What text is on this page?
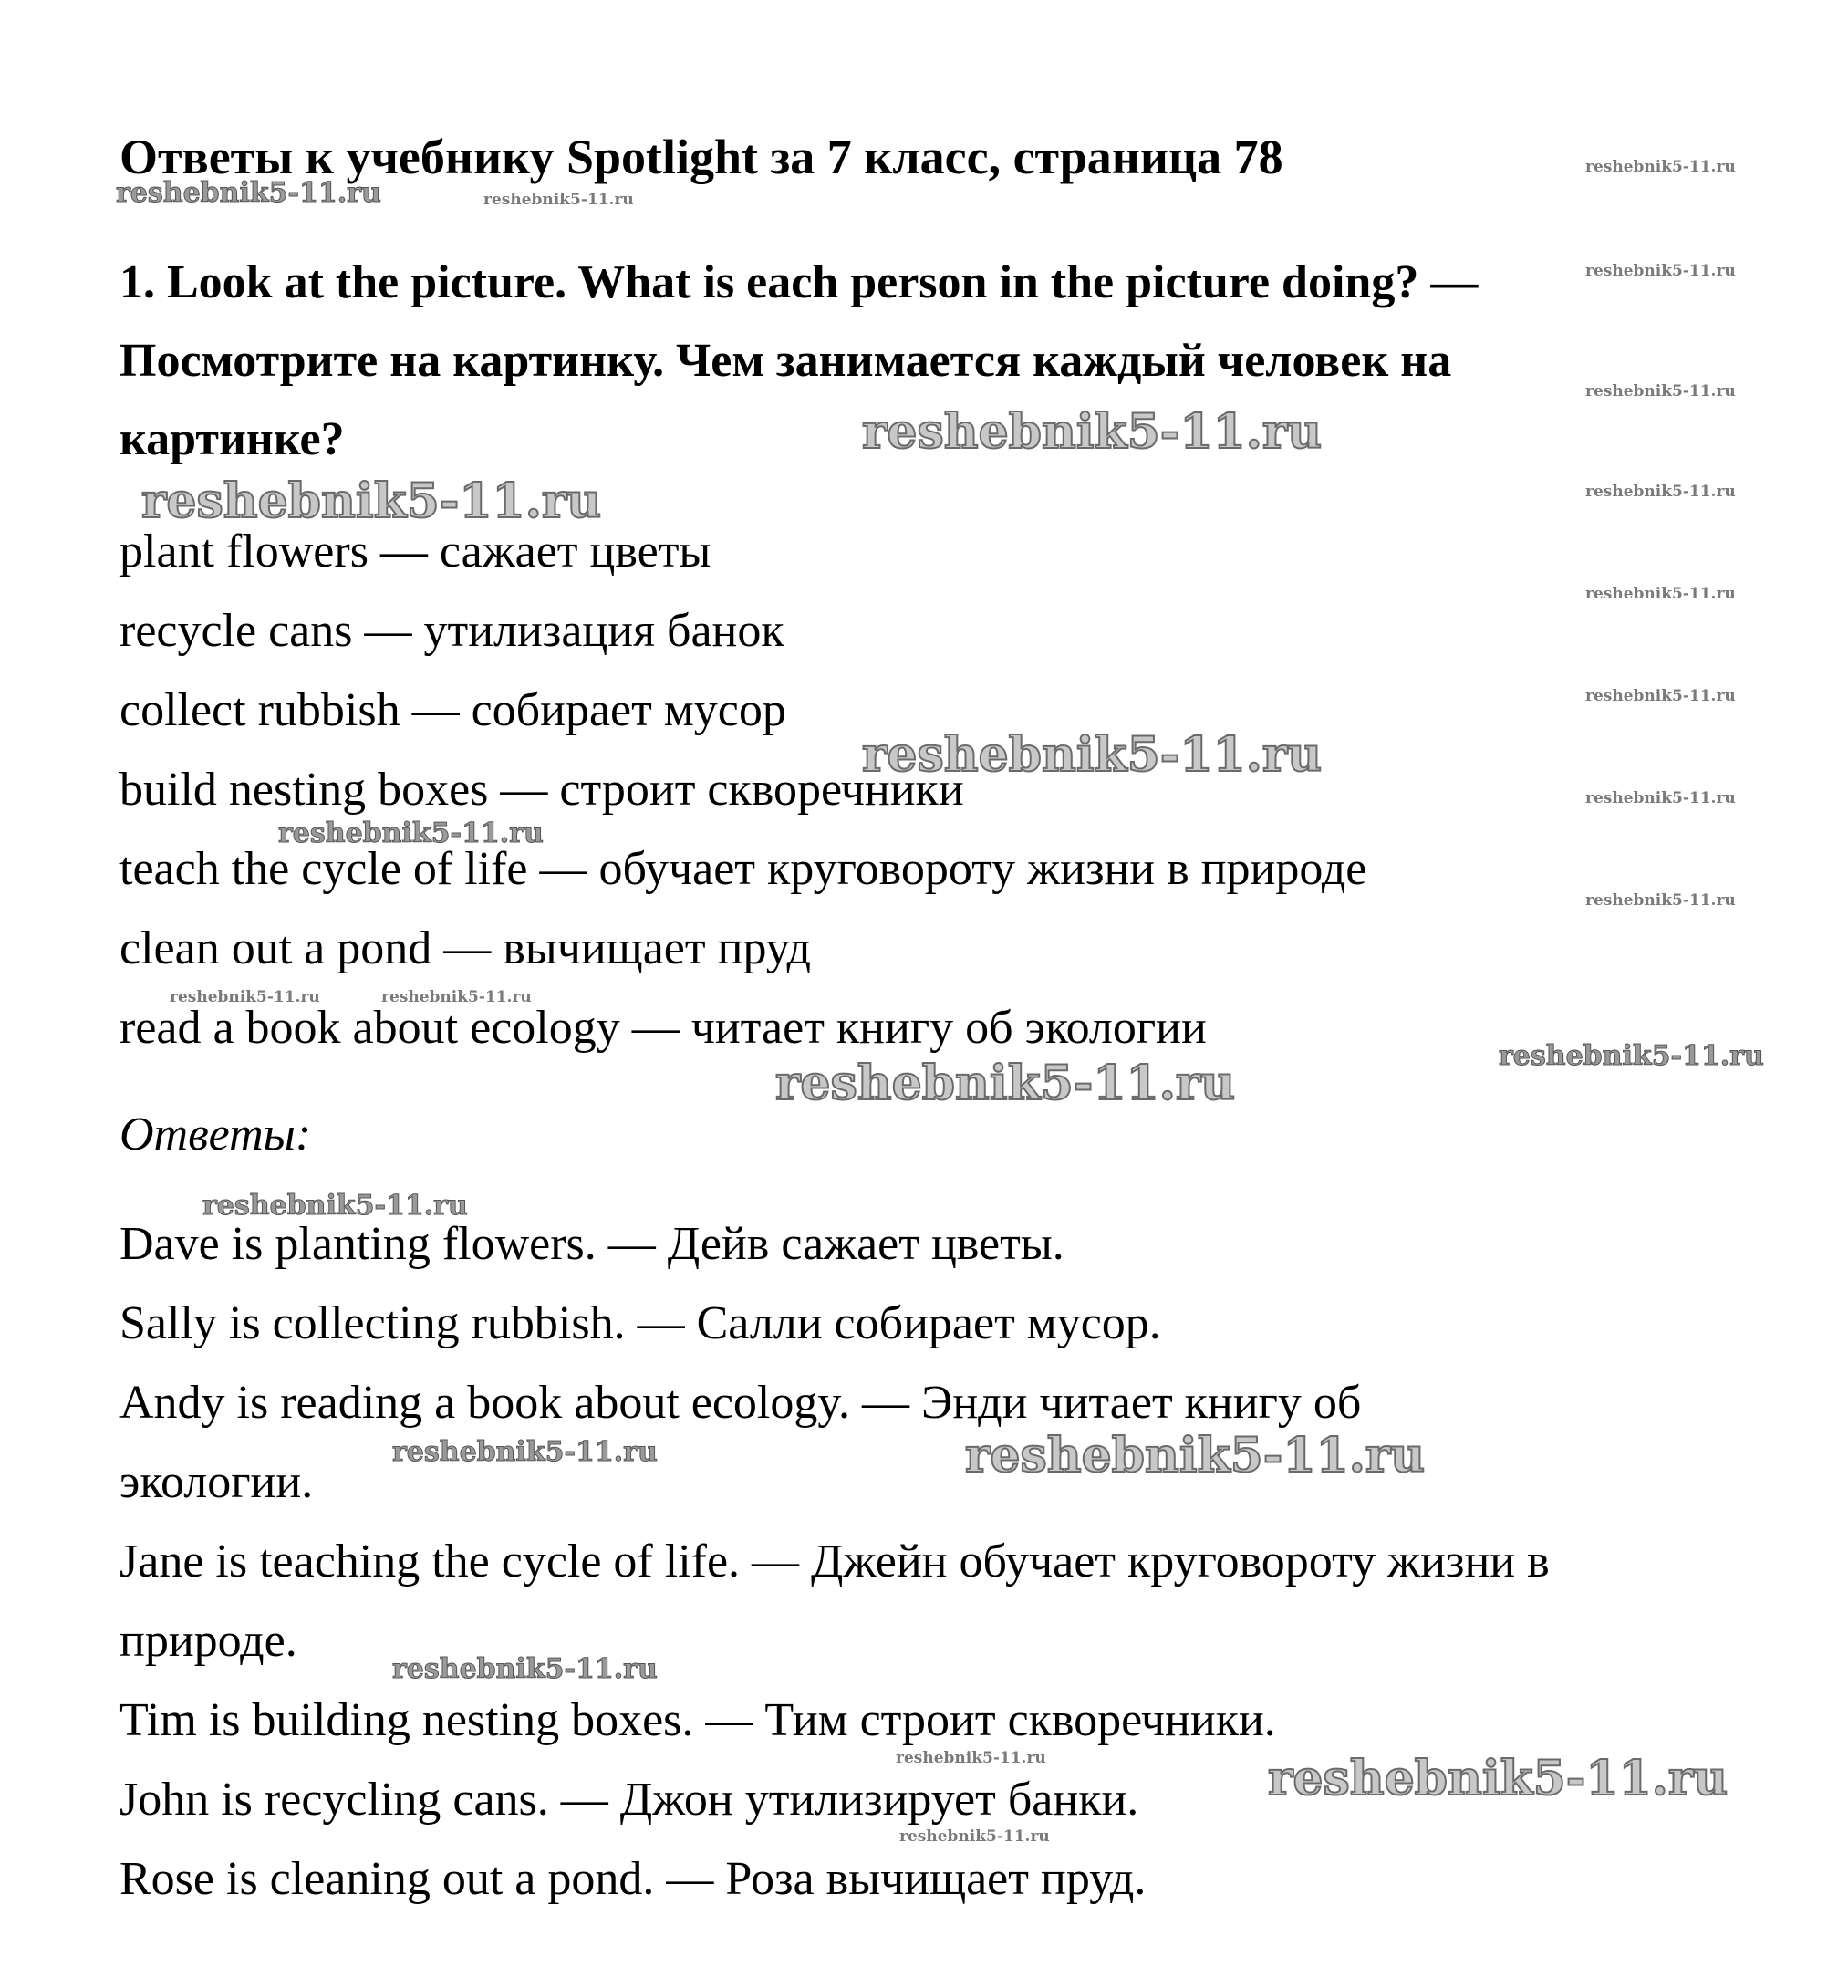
Ответы к учебнику Spotlight за 7 класс, страница 78
1. Look at the picture. What is each person in the picture doing? —
Посмотрите на картинку. Чем занимается каждый человек на
картинке?
plant flowers — сажает цветы
recycle cans — утилизация банок
collect rubbish — собирает мусор
build nesting boxes — строит скворечники
teach the cycle of life — обучает круговороту жизни в природе
clean out a pond — вычищает пруд
read a book about ecology — читает книгу об экологии
Ответы:
Dave is planting flowers. — Дейв сажает цветы.
Sally is collecting rubbish. — Салли собирает мусор.
Andy is reading a book about ecology. — Энди читает книгу об
экологии.
Jane is teaching the cycle of life. — Джейн обучает круговороту жизни в
природе.
Tim is building nesting boxes. — Тим строит скворечники.
John is recycling cans. — Джон утилизирует банки.
Rose is cleaning out a pond. — Роза вычищает пруд.
reshebnik5-11.ru	reshebnik5-11.ru
reshebnik5-11.ru
reshebnik5-11.ru
reshebnik5-11.ru
reshebnik5-11.ru
reshebnik5-11.ru	reshebnik5-11.ru
reshebnik5-11.ru
reshebnik5-11.ru
reshebnik5-11.ru
reshebnik5-11.ru
reshebnik5-11.ru
reshebnik5-11.ru
reshebnik5-11.ru	reshebnik5-11.ru
reshebnik5-11.ru
reshebnik5-11.ru
reshebnik5-11.ru
reshebnik5-11.ru	reshebnik5-11.ru
reshebnik5-11.ru
reshebnik5-11.ru	reshebnik5-11.ru
reshebnik5-11.ru
